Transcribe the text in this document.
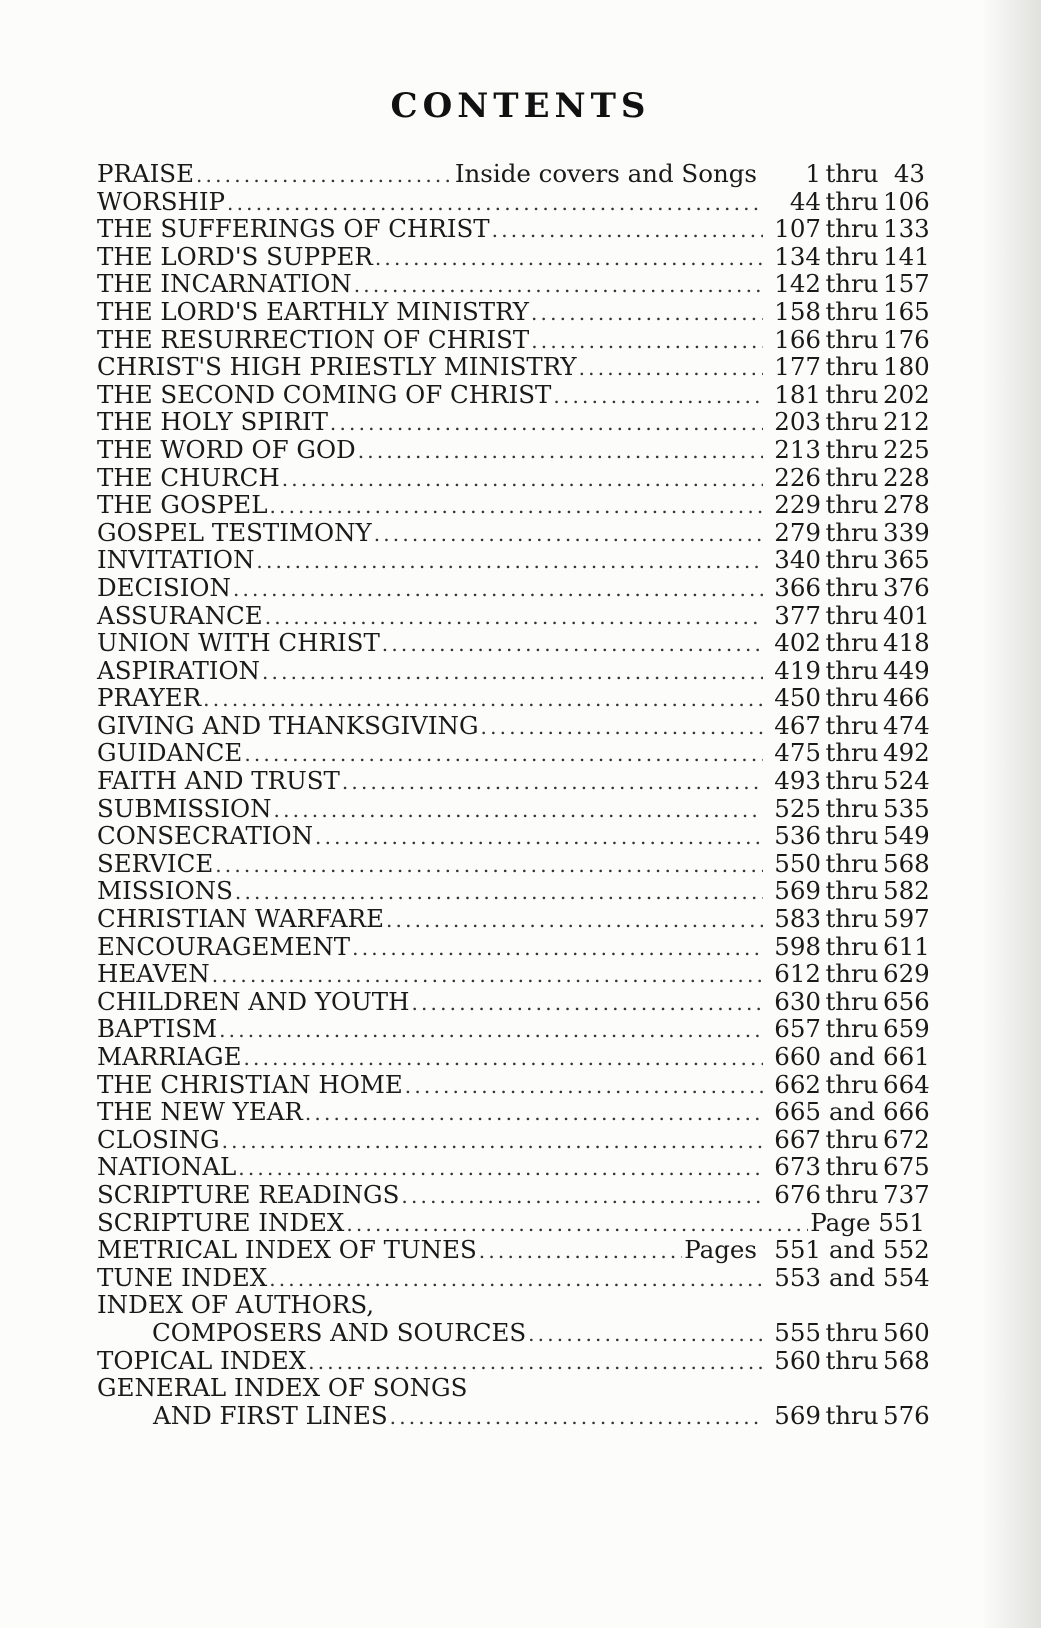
CONTENTS
PRAISE .....	Inside covers and Songs	1 thru 43
WORSHIP .....	44 thru 106
THE SUFFERINGS OF CHRIST .....	107 thru 133
THE LORD'S SUPPER .....	134 thru 141
THE INCARNATION .....	142 thru 157
THE LORD'S EARTHLY MINISTRY .....	158 thru 165
THE RESURRECTION OF CHRIST .....	166 thru 176
CHRIST'S HIGH PRIESTLY MINISTRY .....	177 thru 180
THE SECOND COMING OF CHRIST .....	181 thru 202
THE HOLY SPIRIT .....	203 thru 212
THE WORD OF GOD .....	213 thru 225
THE CHURCH .....	226 thru 228
THE GOSPEL .....	229 thru 278
GOSPEL TESTIMONY .....	279 thru 339
INVITATION .....	340 thru 365
DECISION .....	366 thru 376
ASSURANCE .....	377 thru 401
UNION WITH CHRIST .....	402 thru 418
ASPIRATION .....	419 thru 449
PRAYER .....	450 thru 466
GIVING AND THANKSGIVING .....	467 thru 474
GUIDANCE .....	475 thru 492
FAITH AND TRUST .....	493 thru 524
SUBMISSION .....	525 thru 535
CONSECRATION .....	536 thru 549
SERVICE .....	550 thru 568
MISSIONS .....	569 thru 582
CHRISTIAN WARFARE .....	583 thru 597
ENCOURAGEMENT .....	598 thru 611
HEAVEN .....	612 thru 629
CHILDREN AND YOUTH .....	630 thru 656
BAPTISM .....	657 thru 659
MARRIAGE .....	660 and 661
THE CHRISTIAN HOME .....	662 thru 664
THE NEW YEAR .....	665 and 666
CLOSING .....	667 thru 672
NATIONAL .....	673 thru 675
SCRIPTURE READINGS .....	676 thru 737
SCRIPTURE INDEX .....	Page 551
METRICAL INDEX OF TUNES .....	Pages 551 and 552
TUNE INDEX .....	553 and 554
INDEX OF AUTHORS,
COMPOSERS AND SOURCES .....	555 thru 560
TOPICAL INDEX .....	560 thru 568
GENERAL INDEX OF SONGS
AND FIRST LINES .....	569 thru 576
